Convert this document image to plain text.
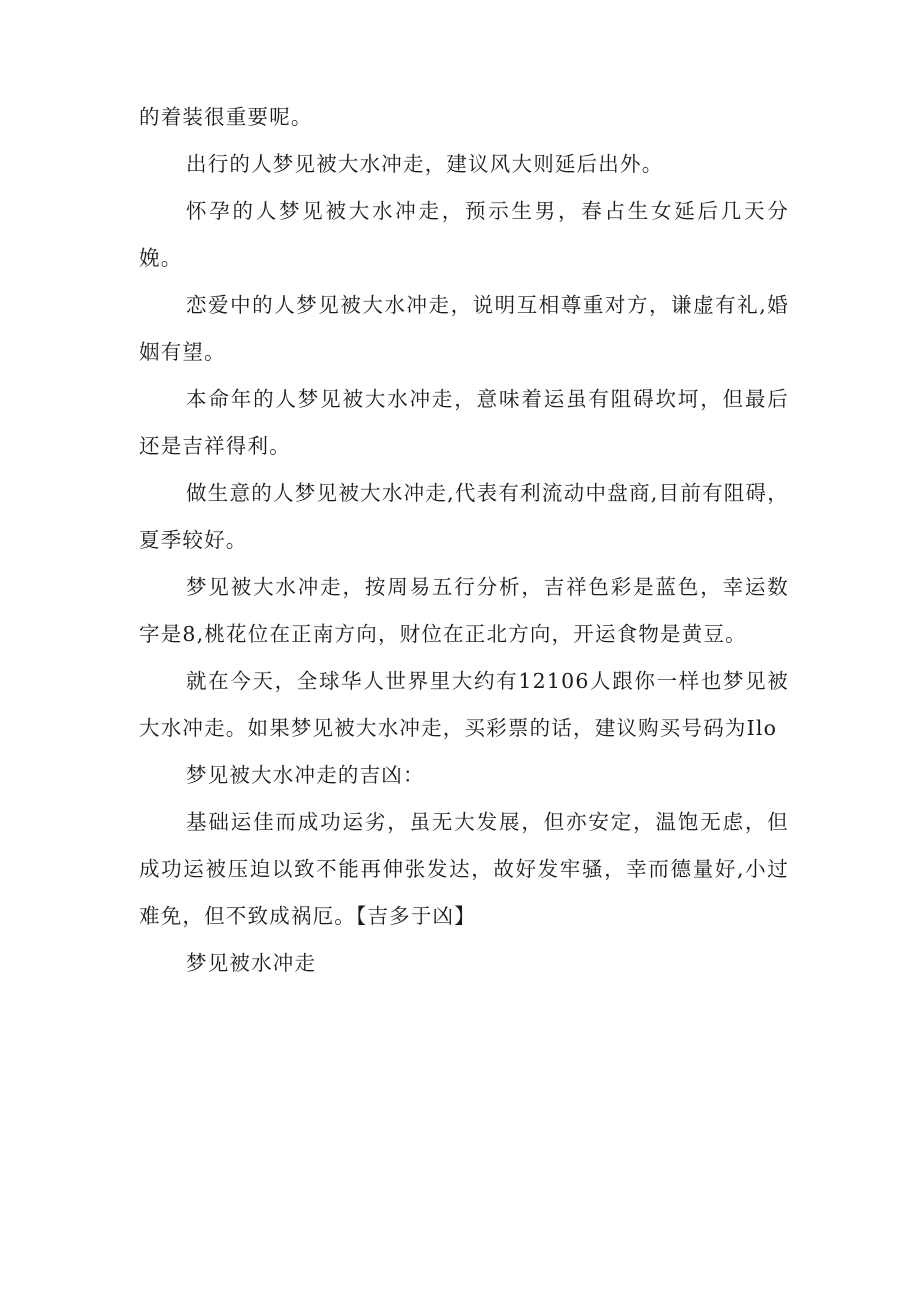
的着装很重要呢。

出行的人梦见被大水冲走，建议风大则延后出外。

怀孕的人梦见被大水冲走，预示生男，春占生女延后几天分娩。

恋爱中的人梦见被大水冲走，说明互相尊重对方，谦虚有礼,婚姻有望。

本命年的人梦见被大水冲走，意味着运虽有阻碍坎坷，但最后还是吉祥得利。

做生意的人梦见被大水冲走,代表有利流动中盘商,目前有阻碍，夏季较好。

梦见被大水冲走，按周易五行分析，吉祥色彩是蓝色，幸运数字是8,桃花位在正南方向，财位在正北方向，开运食物是黄豆。

就在今天，全球华人世界里大约有12106人跟你一样也梦见被大水冲走。如果梦见被大水冲走，买彩票的话，建议购买号码为Ilo

梦见被大水冲走的吉凶：

基础运佳而成功运劣，虽无大发展，但亦安定，温饱无虑，但成功运被压迫以致不能再伸张发达，故好发牢骚，幸而德量好,小过难免，但不致成祸厄。【吉多于凶】

梦见被水冲走
